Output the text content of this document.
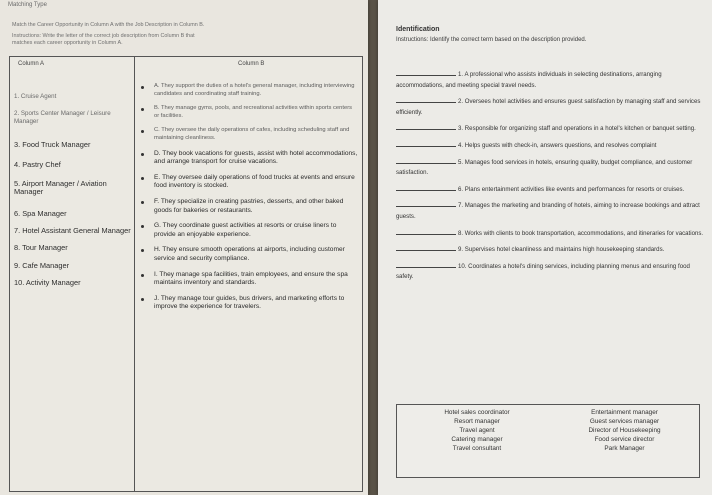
Matching Type

Match the Career Opportunity in Column A with the Job Description in Column B.

Instructions: Write the letter of the correct job description from Column B that

matches each career opportunity in Column A.

Column A	Column B
1. Cruise Agent
2. Sports Center Manager / Leisure Manager
3. Food Truck Manager
4. Pastry Chef
5. Airport Manager / Aviation Manager
6. Spa Manager
7. Hotel Assistant General Manager
8. Tour Manager
9. Cafe Manager
10. Activity Manager
A. They support the duties of a hotel's general manager, including interviewing candidates and coordinating staff training.
B. They manage gyms, pools, and recreational activities within sports centers or facilities.
C. They oversee the daily operations of cafes, including scheduling staff and maintaining cleanliness.
D. They book vacations for guests, assist with hotel accommodations, and arrange transport for cruise vacations.
E. They oversee daily operations of food trucks at events and ensure food inventory is stocked.
F. They specialize in creating pastries, desserts, and other baked goods for bakeries or restaurants.
G. They coordinate guest activities at resorts or cruise liners to provide an enjoyable experience.
H. They ensure smooth operations at airports, including customer service and security compliance.
I. They manage spa facilities, train employees, and ensure the spa maintains inventory and standards.
J. They manage tour guides, bus drivers, and marketing efforts to improve the experience for travelers.
Identification
Instructions: Identify the correct term based on the description provided.
1. A professional who assists individuals in selecting destinations, arranging accommodations, and meeting special travel needs.
2. Oversees hotel activities and ensures guest satisfaction by managing staff and services efficiently.
3. Responsible for organizing staff and operations in a hotel's kitchen or banquet setting.
4. Helps guests with check-in, answers questions, and resolves complaint
5. Manages food services in hotels, ensuring quality, budget compliance, and customer satisfaction.
6. Plans entertainment activities like events and performances for resorts or cruises.
7. Manages the marketing and branding of hotels, aiming to increase bookings and attract guests.
8. Works with clients to book transportation, accommodations, and itineraries for vacations.
9. Supervises hotel cleanliness and maintains high housekeeping standards.
10. Coordinates a hotel's dining services, including planning menus and ensuring food safety.
Hotel sales coordinator
Resort manager
Travel agent
Catering manager
Travel consultant
Entertainment manager
Guest services manager
Director of Housekeeping
Food service director
Park Manager
